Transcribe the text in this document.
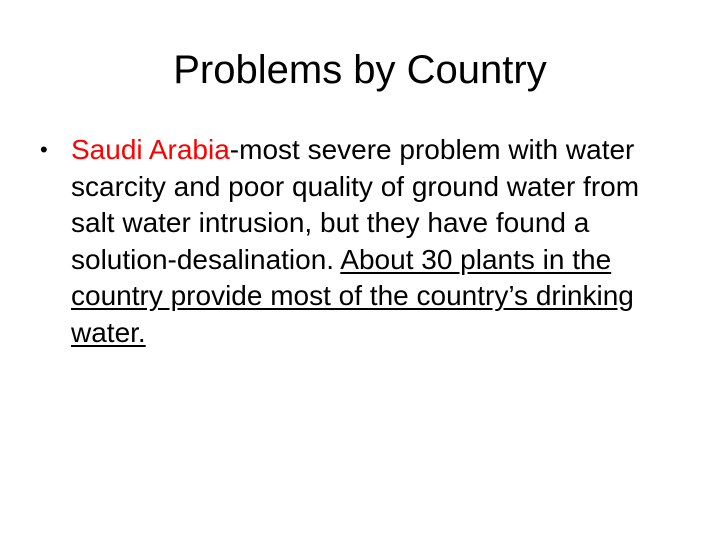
Problems by Country
• Saudi Arabia-most severe problem with water scarcity and poor quality of ground water from salt water intrusion, but they have found a solution-desalination. About 30 plants in the country provide most of the country’s drinking water.
